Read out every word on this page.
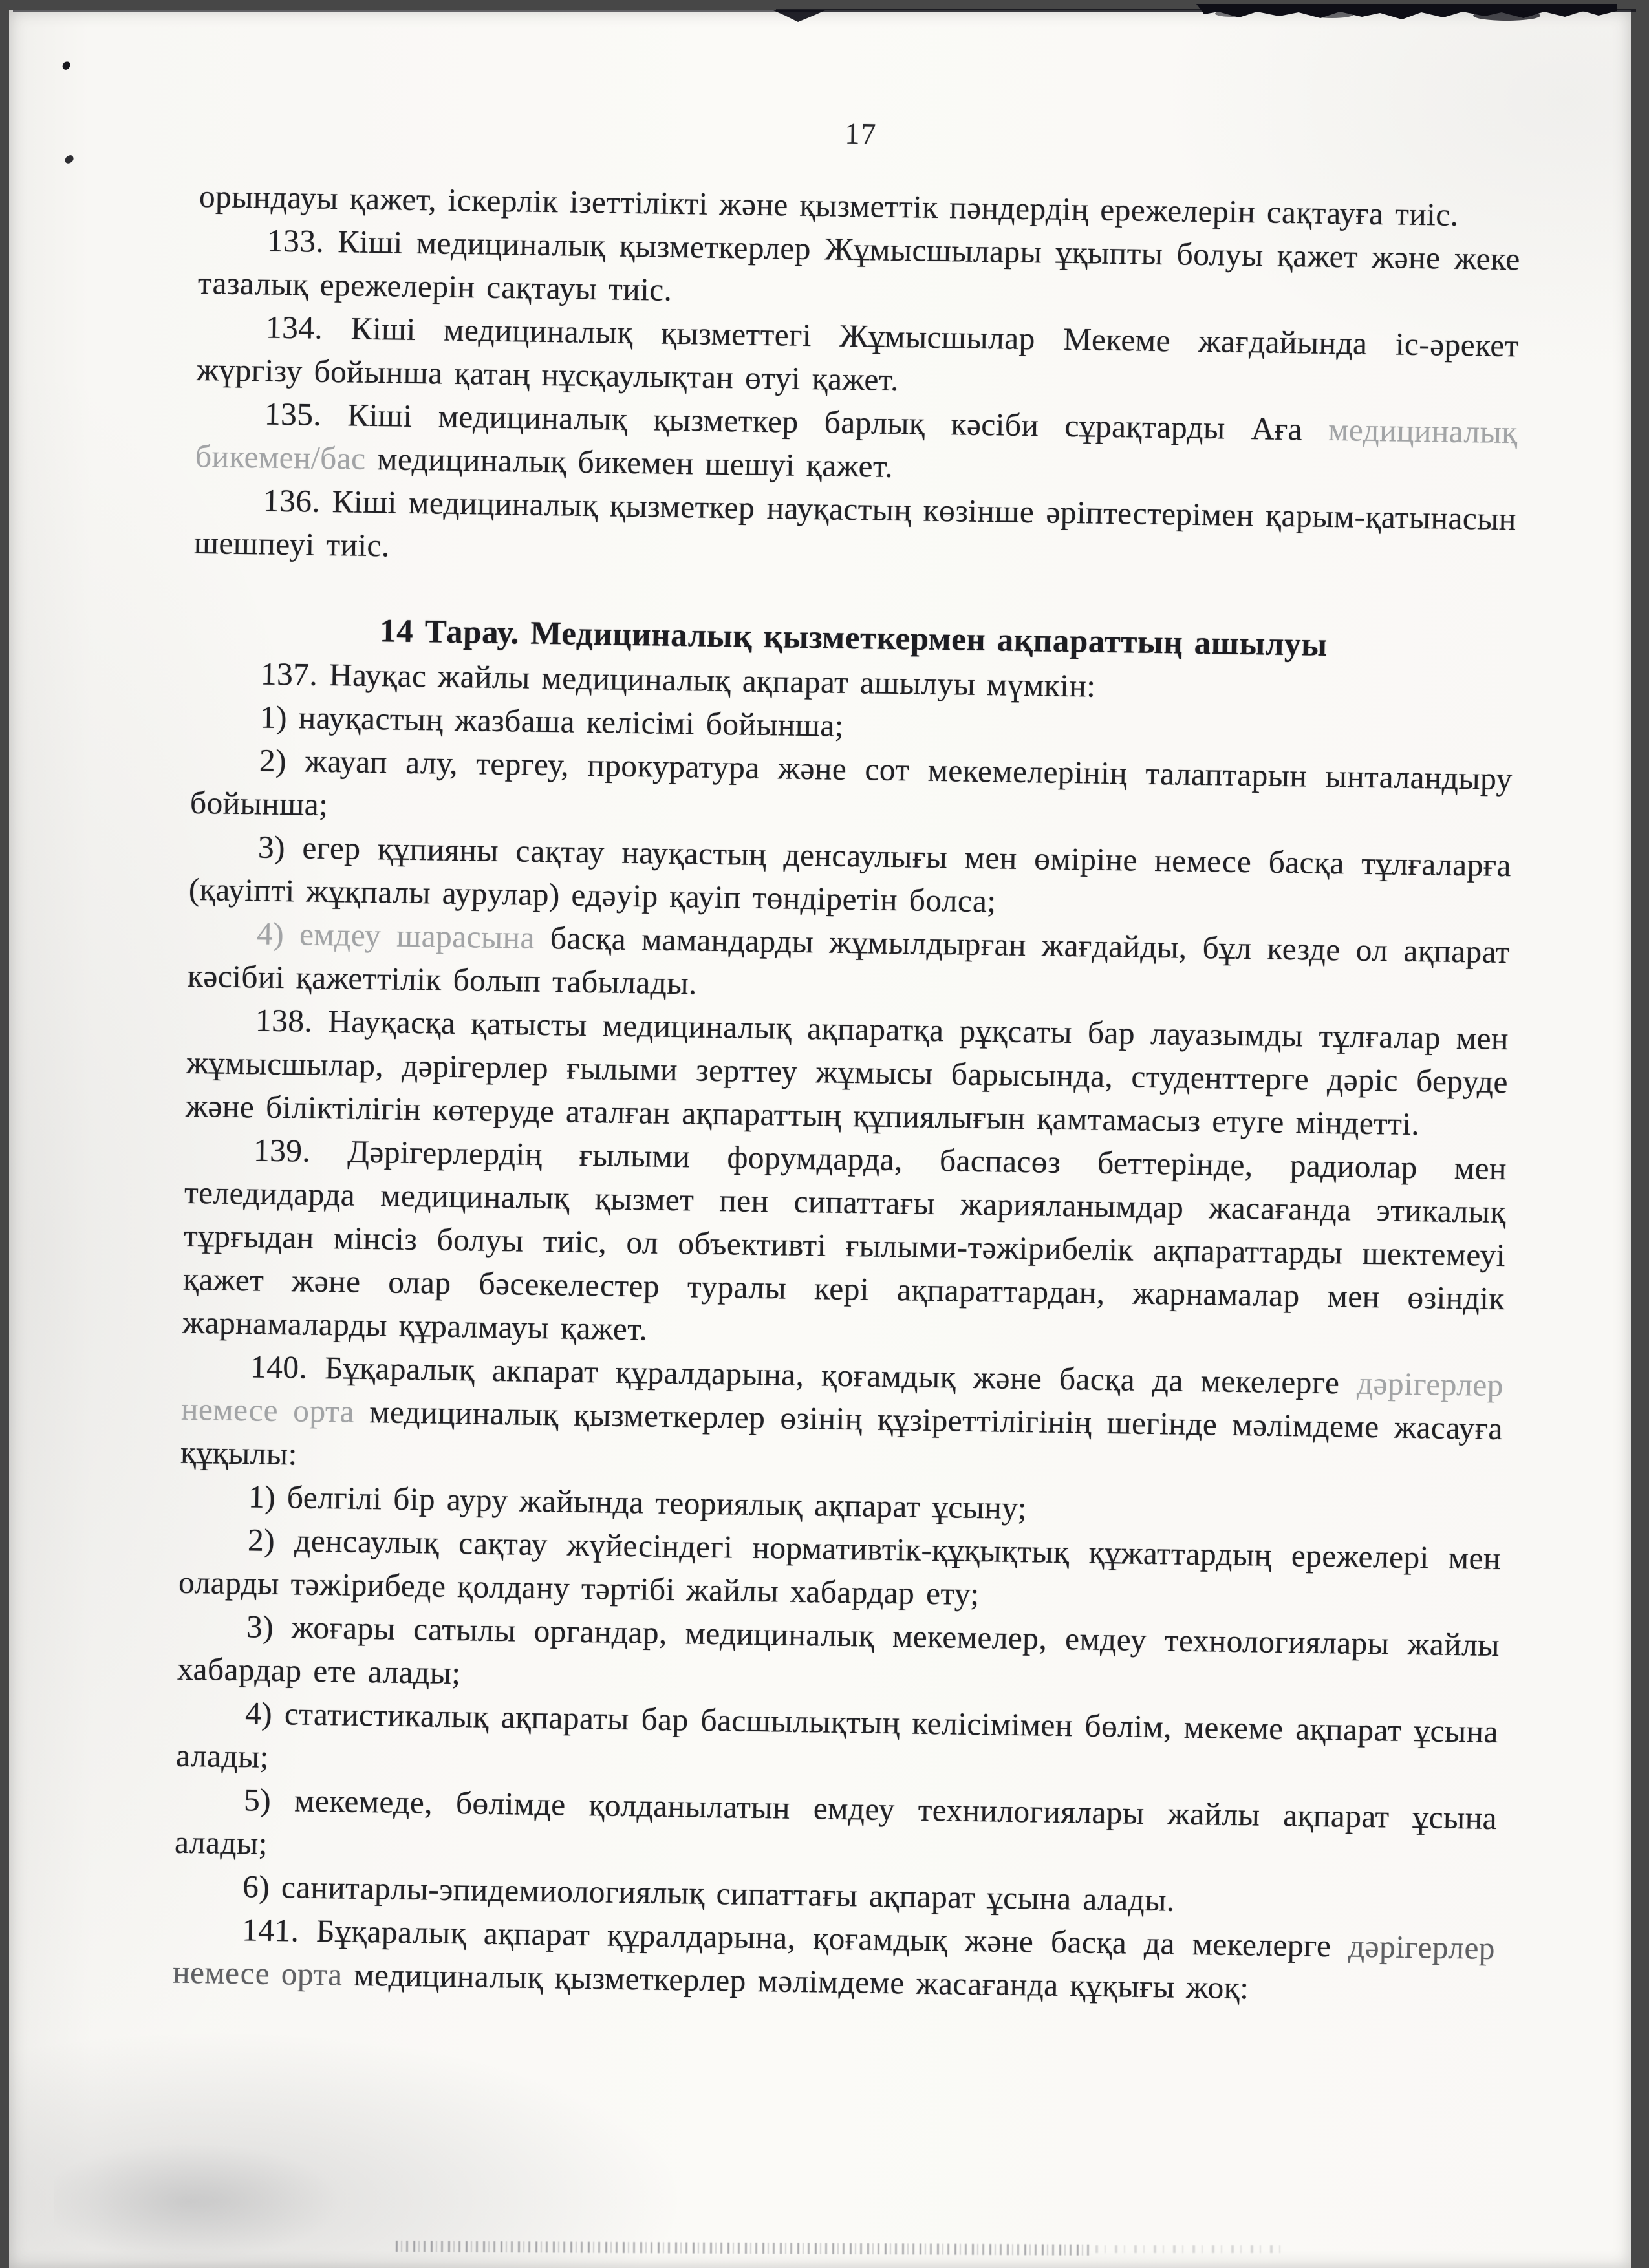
17

орындауы қажет, іскерлік ізеттілікті және қызметтік пәндердің ережелерін сақтауға тиіс.

133. Кіші медициналық қызметкерлер Жұмысшылары ұқыпты болуы қажет және жеке тазалық ережелерін сақтауы тиіс.

134. Кіші медициналық қызметтегі Жұмысшылар Мекеме жағдайында іс-әрекет жүргізу бойынша қатаң нұсқаулықтан өтуі қажет.

135. Кіші медициналық қызметкер барлық кәсіби сұрақтарды Аға медициналық бикемен/бас медициналық бикемен шешуі қажет.

136. Кіші медициналық қызметкер науқастың көзінше әріптестерімен қарым-қатынасын шешпеуі тиіс.

14 Тарау. Медициналық қызметкермен ақпараттың ашылуы

137. Науқас жайлы медициналық ақпарат ашылуы мүмкін:

1) науқастың жазбаша келісімі бойынша;

2) жауап алу, тергеу, прокуратура және сот мекемелерінің талаптарын ынталандыру бойынша;

3) егер құпияны сақтау науқастың денсаулығы мен өміріне немесе басқа тұлғаларға (қауіпті жұқпалы аурулар) едәуір қауіп төндіретін болса;

4) емдеу шарасына басқа мамандарды жұмылдырған жағдайды, бұл кезде ол ақпарат кәсібиі қажеттілік болып табылады.

138. Науқасқа қатысты медициналық ақпаратқа рұқсаты бар лауазымды тұлғалар мен жұмысшылар, дәрігерлер ғылыми зерттеу жұмысы барысында, студенттерге дәріс беруде және біліктілігін көтеруде аталған ақпараттың құпиялығын қамтамасыз етуге міндетті.

139. Дәрігерлердің ғылыми форумдарда, баспасөз беттерінде, радиолар мен теледидарда медициналық қызмет пен сипаттағы жарияланымдар жасағанда этикалық тұрғыдан мінсіз болуы тиіс, ол объективті ғылыми-тәжірибелік ақпараттарды шектемеуі қажет және олар бәсекелестер туралы кері ақпараттардан, жарнамалар мен өзіндік жарнамаларды құралмауы қажет.

140. Бұқаралық акпарат құралдарына, қоғамдық және басқа да мекелерге дәрігерлер немесе орта медициналық қызметкерлер өзінің құзіреттілігінің шегінде мәлімдеме жасауға құқылы:

1) белгілі бір ауру жайында теориялық ақпарат ұсыну;

2) денсаулық сақтау жүйесіндегі нормативтік-құқықтық құжаттардың ережелері мен оларды тәжірибеде қолдану тәртібі жайлы хабардар ету;

3) жоғары сатылы органдар, медициналық мекемелер, емдеу технологиялары жайлы хабардар ете алады;

4) статистикалық ақпараты бар басшылықтың келісімімен бөлім, мекеме ақпарат ұсына алады;

5) мекемеде, бөлімде қолданылатын емдеу технилогиялары жайлы ақпарат ұсына алады;

6) санитарлы-эпидемиологиялық сипаттағы ақпарат ұсына алады.

141. Бұқаралық ақпарат құралдарына, қоғамдық және басқа да мекелерге дәрігерлер немесе орта медициналық қызметкерлер мәлімдеме жасағанда құқығы жоқ:
